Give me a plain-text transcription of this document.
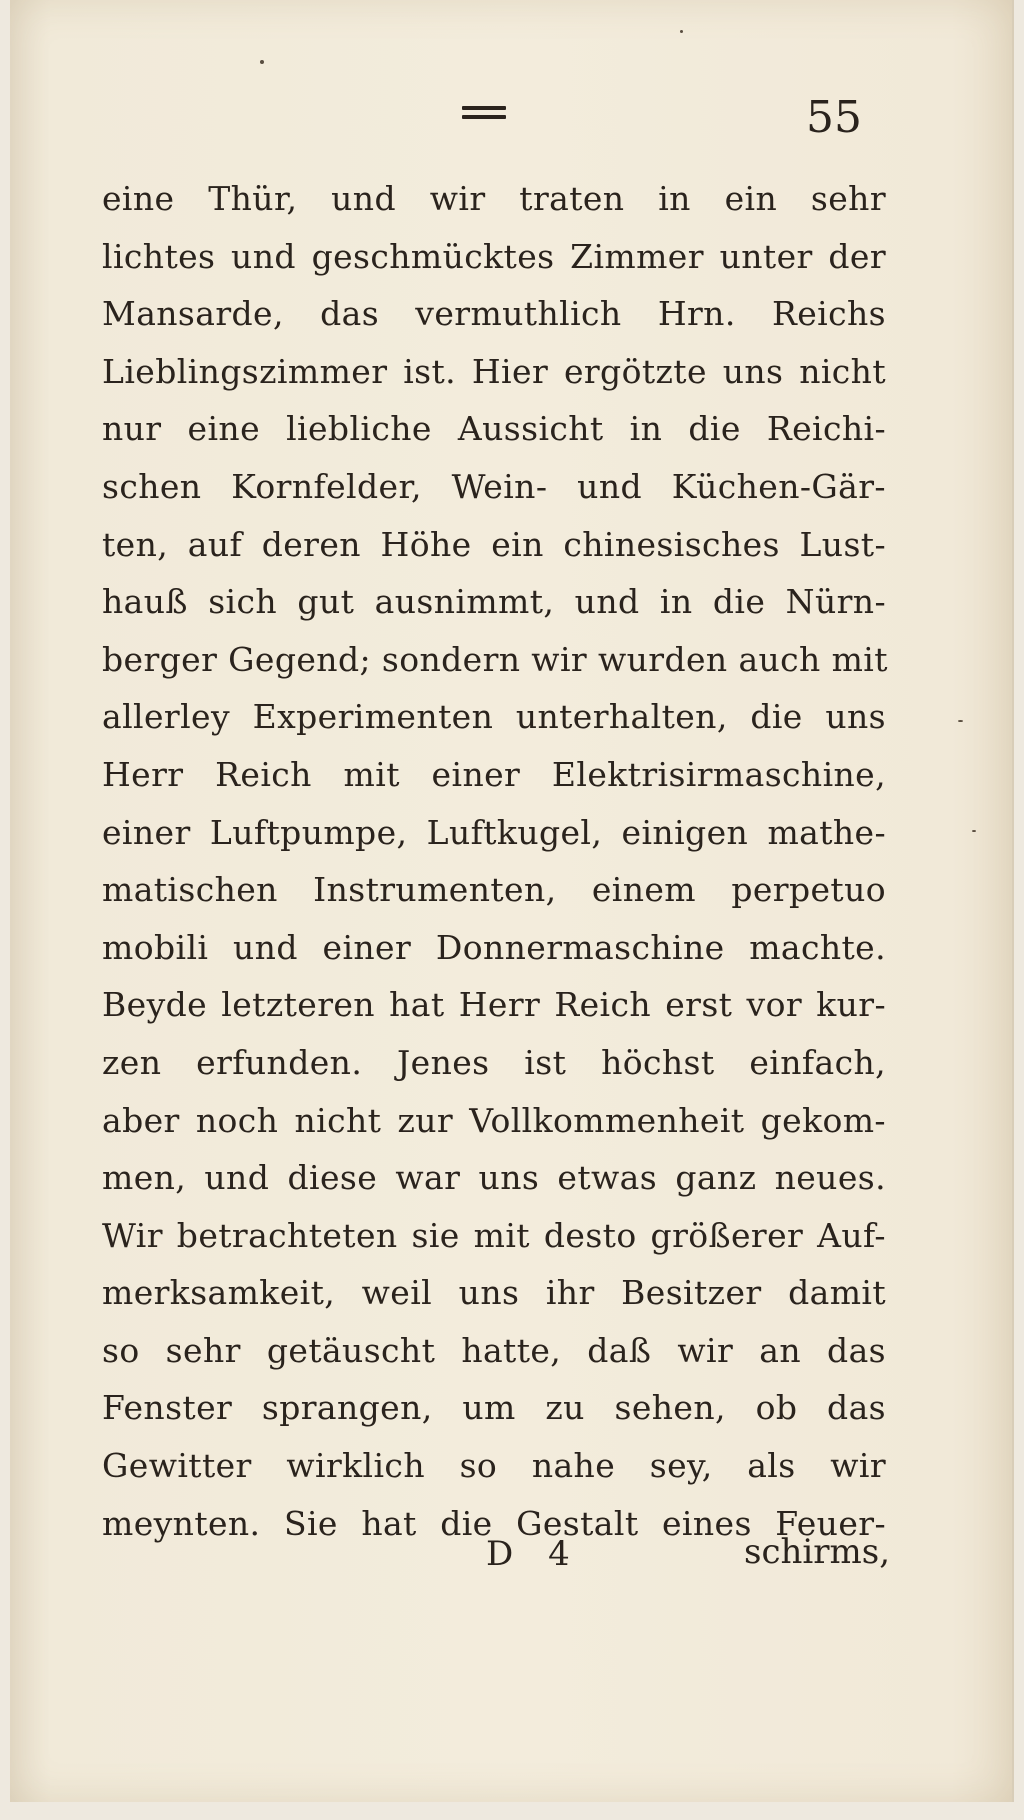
55
eine Thür, und wir traten in ein sehr
lichtes und geschmücktes Zimmer unter der
Mansarde, das vermuthlich Hrn. Reichs
Lieblingszimmer ist. Hier ergötzte uns nicht
nur eine liebliche Aussicht in die Reichi-
schen Kornfelder, Wein- und Küchen-Gär-
ten, auf deren Höhe ein chinesisches Lust-
hauß sich gut ausnimmt, und in die Nürn-
berger Gegend; sondern wir wurden auch mit
allerley Experimenten unterhalten, die uns
Herr Reich mit einer Elektrisirmaschine,
einer Luftpumpe, Luftkugel, einigen mathe-
matischen Instrumenten, einem perpetuo
mobili und einer Donnermaschine machte.
Beyde letzteren hat Herr Reich erst vor kur-
zen erfunden. Jenes ist höchst einfach,
aber noch nicht zur Vollkommenheit gekom-
men, und diese war uns etwas ganz neues.
Wir betrachteten sie mit desto größerer Auf-
merksamkeit, weil uns ihr Besitzer damit
so sehr getäuscht hatte, daß wir an das
Fenster sprangen, um zu sehen, ob das
Gewitter wirklich so nahe sey, als wir
meynten. Sie hat die Gestalt eines Feuer-
D 4	schirms,
